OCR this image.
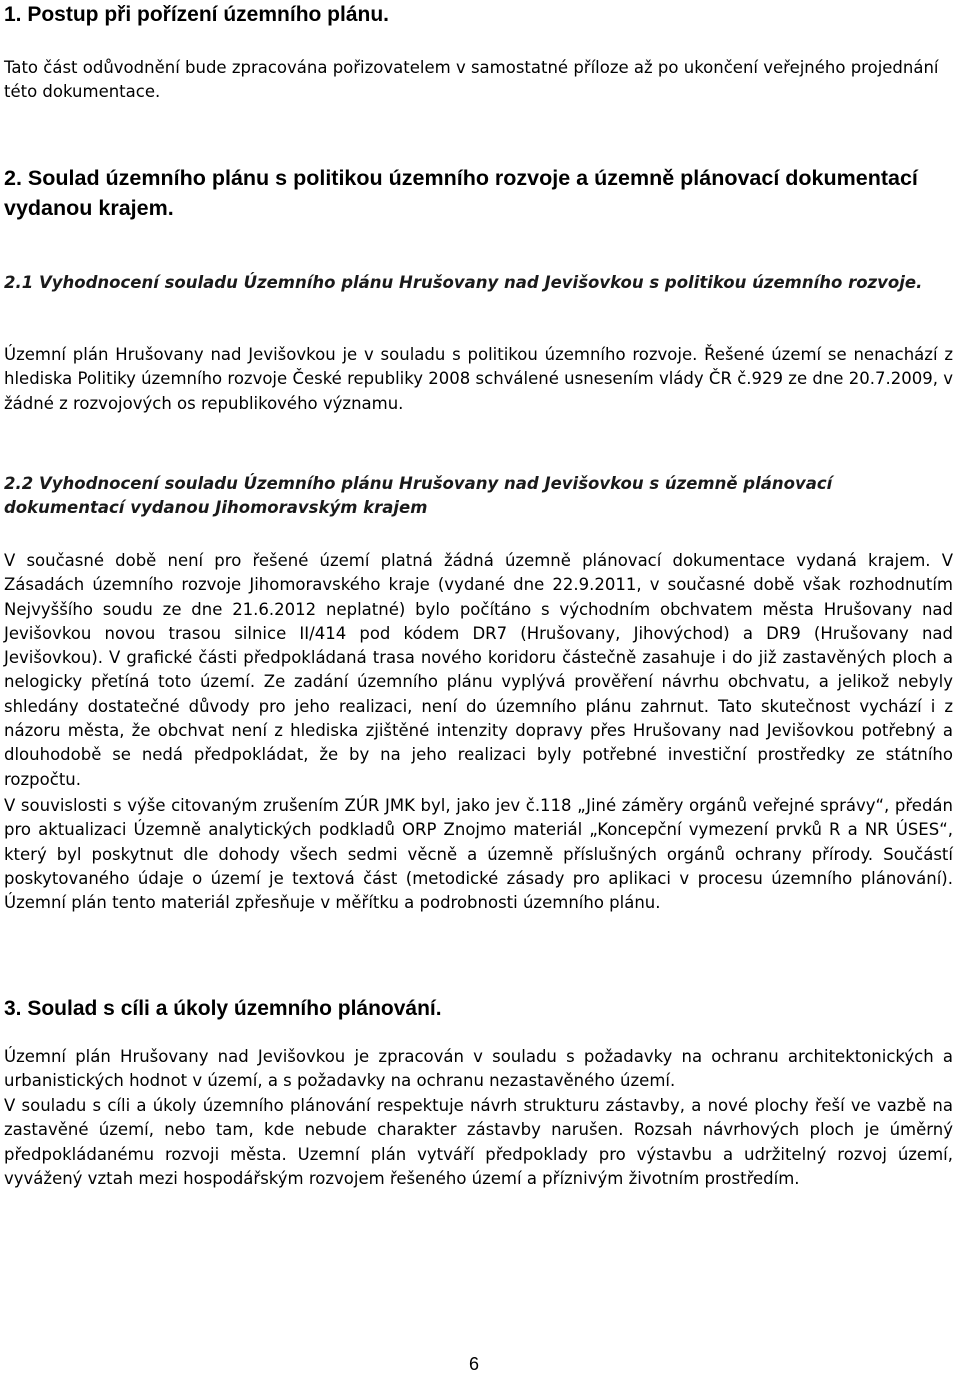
1. Postup při pořízení územního plánu.

Tato část odůvodnění bude zpracována pořizovatelem v samostatné příloze až po ukončení veřejného projednání této dokumentace.

2. Soulad územního plánu s politikou územního rozvoje a územně plánovací dokumentací vydanou krajem.
2.1 Vyhodnocení souladu Územního plánu Hrušovany nad Jevišovkou s politikou územního rozvoje.

Územní plán Hrušovany nad Jevišovkou je v souladu s politikou územního rozvoje. Řešené území se nenachází z hlediska Politiky územního rozvoje České republiky 2008 schválené usnesením vlády ČR č.929 ze dne 20.7.2009, v žádné z rozvojových os republikového významu.

2.2 Vyhodnocení souladu Územního plánu Hrušovany nad Jevišovkou s územně plánovací dokumentací vydanou Jihomoravským krajem

V současné době není pro řešené území platná žádná územně plánovací dokumentace vydaná krajem. V Zásadách územního rozvoje Jihomoravského kraje (vydané dne 22.9.2011, v současné době však rozhodnutím Nejvyššího soudu ze dne 21.6.2012 neplatné) bylo počítáno s východním obchvatem města Hrušovany nad Jevišovkou novou trasou silnice II/414 pod kódem DR7 (Hrušovany, Jihovýchod) a DR9 (Hrušovany nad Jevišovkou). V grafické části předpokládaná trasa nového koridoru částečně zasahuje i do již zastavěných ploch a nelogicky přetíná toto území. Ze zadání územního plánu vyplývá prověření návrhu obchvatu, a jelikož nebyly shledány dostatečné důvody pro jeho realizaci, není do územního plánu zahrnut. Tato skutečnost vychází i z názoru města, že obchvat není z hlediska zjištěné intenzity dopravy přes Hrušovany nad Jevišovkou potřebný a dlouhodobě se nedá předpokládat, že by na jeho realizaci byly potřebné investiční prostředky ze státního rozpočtu.

V souvislosti s výše citovaným zrušením ZÚR JMK byl, jako jev č.118 „Jiné záměry orgánů veřejné správy“, předán pro aktualizaci Územně analytických podkladů ORP Znojmo materiál „Koncepční vymezení prvků R a NR ÚSES“, který byl poskytnut dle dohody všech sedmi věcně a územně příslušných orgánů ochrany přírody. Součástí poskytovaného údaje o území je textová část (metodické zásady pro aplikaci v procesu územního plánování). Územní plán tento materiál zpřesňuje v měřítku a podrobnosti územního plánu.

3. Soulad s cíli a úkoly územního plánování.

Územní plán Hrušovany nad Jevišovkou je zpracován v souladu s požadavky na ochranu architektonických a urbanistických hodnot v území, a s požadavky na ochranu nezastavěného území.

V souladu s cíli a úkoly územního plánování respektuje návrh strukturu zástavby, a nové plochy řeší ve vazbě na zastavěné území, nebo tam, kde nebude charakter zástavby narušen. Rozsah návrhových ploch je úměrný předpokládanému rozvoji města. Uzemní plán vytváří předpoklady pro výstavbu a udržitelný rozvoj území, vyvážený vztah mezi hospodářským rozvojem řešeného území a příznivým životním prostředím.

6
